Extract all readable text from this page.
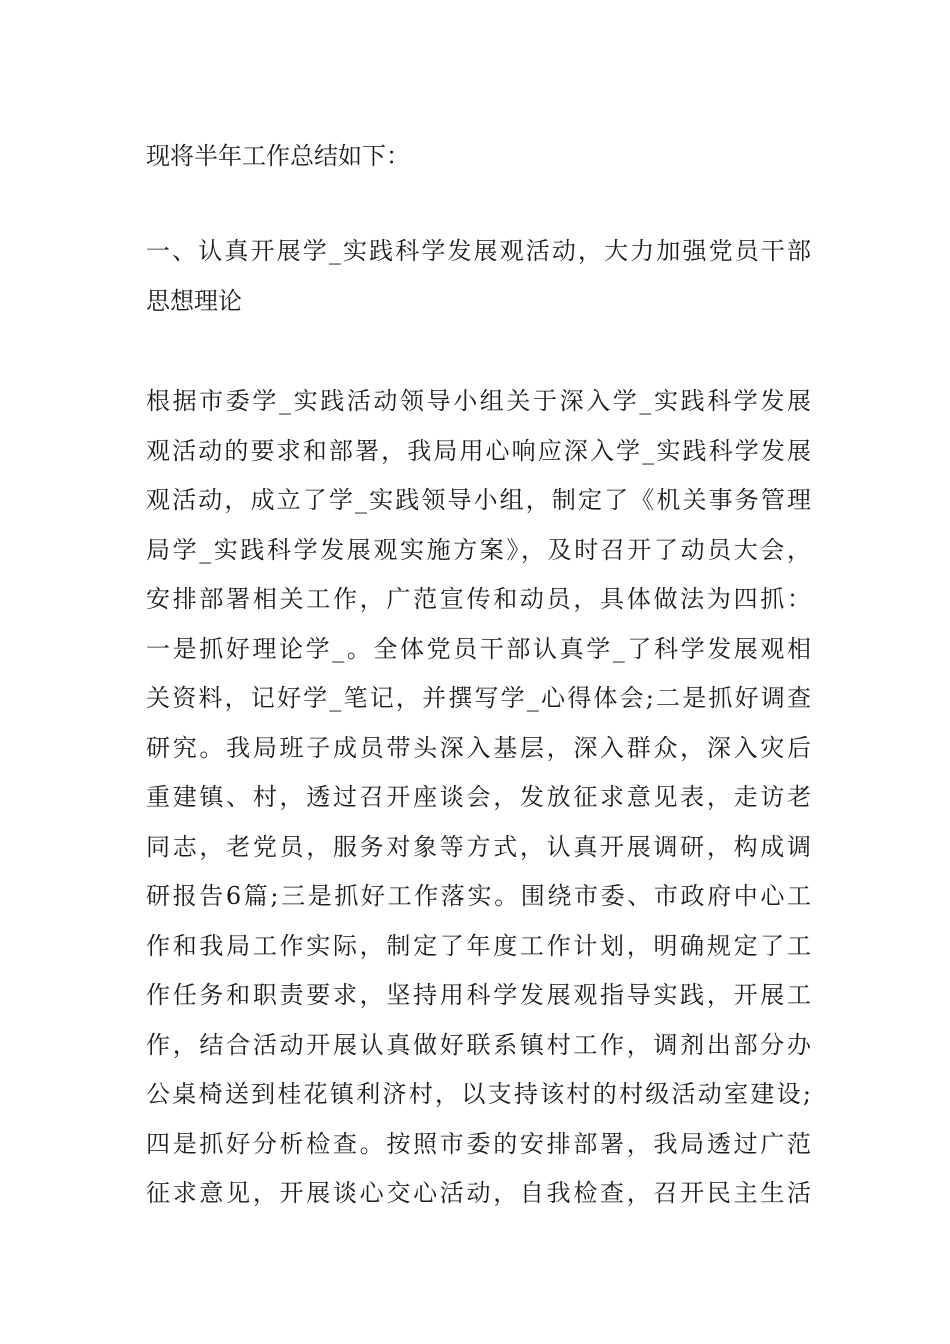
现将半年工作总结如下：
一、认真开展学_实践科学发展观活动，大力加强党员干部
思想理论
根据市委学_实践活动领导小组关于深入学_实践科学发展
观活动的要求和部署，我局用心响应深入学_实践科学发展
观活动，成立了学_实践领导小组，制定了《机关事务管理
局学_实践科学发展观实施方案》，及时召开了动员大会，
安排部署相关工作，广范宣传和动员，具体做法为四抓：
一是抓好理论学_。全体党员干部认真学_了科学发展观相
关资料，记好学_笔记，并撰写学_心得体会;二是抓好调查
研究。我局班子成员带头深入基层，深入群众，深入灾后
重建镇、村，透过召开座谈会，发放征求意见表，走访老
同志，老党员，服务对象等方式，认真开展调研，构成调
研报告6篇;三是抓好工作落实。围绕市委、市政府中心工
作和我局工作实际，制定了年度工作计划，明确规定了工
作任务和职责要求，坚持用科学发展观指导实践，开展工
作，结合活动开展认真做好联系镇村工作，调剂出部分办
公桌椅送到桂花镇利济村，以支持该村的村级活动室建设;
四是抓好分析检查。按照市委的安排部署，我局透过广范
征求意见，开展谈心交心活动，自我检查，召开民主生活
